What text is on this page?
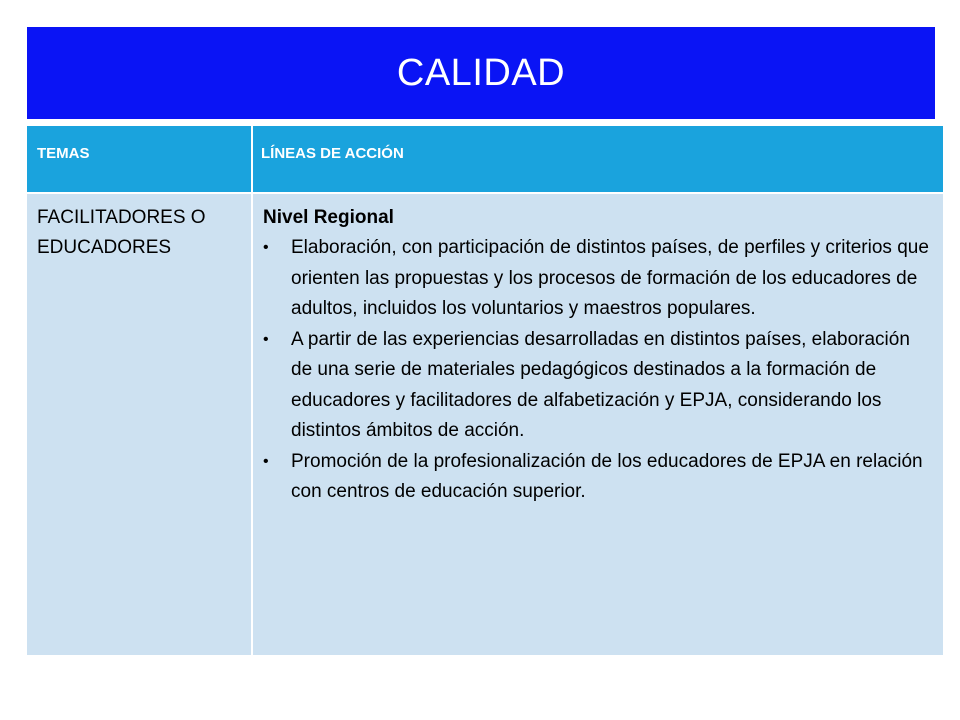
CALIDAD
TEMAS	LÍNEAS DE ACCIÓN
FACILITADORES O EDUCADORES
Nivel Regional
• Elaboración, con participación de distintos países, de perfiles y criterios que orienten las propuestas y los procesos de formación de los educadores de adultos, incluidos los voluntarios y maestros populares.
• A partir de las experiencias desarrolladas en distintos países, elaboración de una serie de materiales pedagógicos destinados a la formación de educadores y facilitadores de alfabetización y EPJA, considerando los distintos ámbitos de acción.
• Promoción de la profesionalización de los educadores de EPJA en relación con centros de educación superior.
